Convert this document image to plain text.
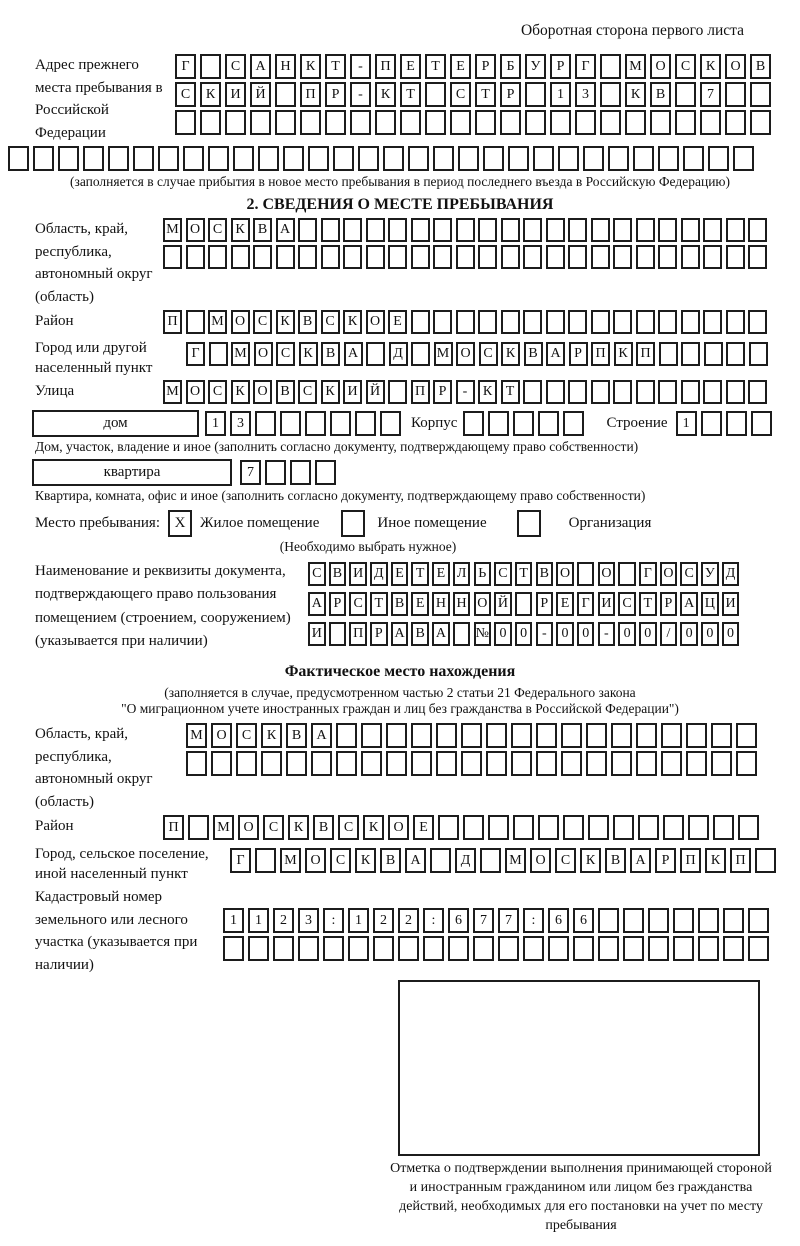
Оборотная сторона первого листа
Адрес прежнего места пребывания в Российской Федерации
Г	С	А	Н	К	Т	-	П	Е	Т	Е	Р	Б	У	Р	Г	М О	С	К	О	В
С	К	И	Й	П	Р	-	К	Т	С	Т	Р	1	3	К	В	7
(заполняется в случае прибытия в новое место пребывания в период последнего въезда в Российскую Федерацию)
2. СВЕДЕНИЯ О МЕСТЕ ПРЕБЫВАНИЯ
Область, край, республика, автономный округ (область)
М О С К В А
Район	П	М О С К В С К О Е
Город или другой населенный пункт
Г	М О С К В А	Д	М О С К В А Р П К П
Улица	М О С К О В С К И Й	П Р	-	К Т
дом	1	3	Корпус	Строение	1
Дом, участок, владение и иное (заполнить согласно документу, подтверждающему право собственности)
квартира	7
Квартира, комната, офис и иное (заполнить согласно документу, подтверждающему право собственности)
Место пребывания: X Жилое помещение	Иное помещение	Организация
(Необходимо выбрать нужное)
Наименование и реквизиты документа, подтверждающего право пользования помещением (строением, сооружением) (указывается при наличии)
С В И Д Е Т Е Л Ь С Т В О О	Г О С У Д
А Р С Т В Е Н Н О Й	Р Е Г И С Т Р А Ц И
И П Р А В А № 0 0	-	0 0	-	0 0	/	0 0 0
Фактическое место нахождения
(заполняется в случае, предусмотренном частью 2 статьи 21 Федерального закона
"О миграционном учете иностранных граждан и лиц без гражданства в Российской Федерации")
Область, край, республика, автономный округ (область)
М О	С	К	В	А
Район	П	М О	С	К	В	С	К	О	Е
Город, сельское поселение, иной населенный пункт
Г	М О	С	К	В	А	Д	М О	С	К	В	А	Р	П	К	П
Кадастровый номер земельного или лесного участка (указывается при наличии)
1	1	2	3	:	1	2	2	:	6	7	7	:	6	6
Отметка о подтверждении выполнения принимающей стороной и иностранным гражданином или лицом без гражданства действий, необходимых для его постановки на учет по месту пребывания
